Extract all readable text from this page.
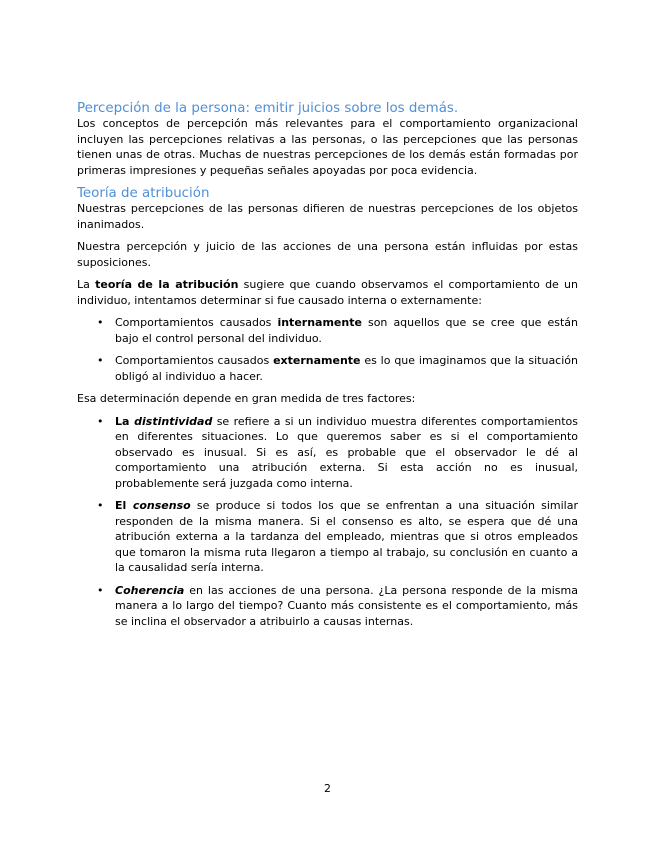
Percepción de la persona: emitir juicios sobre los demás.

Los conceptos de percepción más relevantes para el comportamiento organizacional incluyen las percepciones relativas a las personas, o las percepciones que las personas tienen unas de otras. Muchas de nuestras percepciones de los demás están formadas por primeras impresiones y pequeñas señales apoyadas por poca evidencia.

Teoría de atribución

Nuestras percepciones de las personas difieren de nuestras percepciones de los objetos inanimados.

Nuestra percepción y juicio de las acciones de una persona están influidas por estas suposiciones.

La teoría de la atribución sugiere que cuando observamos el comportamiento de un individuo, intentamos determinar si fue causado interna o externamente:

• Comportamientos causados internamente son aquellos que se cree que están bajo el control personal del individuo.
• Comportamientos causados externamente es lo que imaginamos que la situación obligó al individuo a hacer.

Esa determinación depende en gran medida de tres factores:

• La distintividad se refiere a si un individuo muestra diferentes comportamientos en diferentes situaciones. Lo que queremos saber es si el comportamiento observado es inusual. Si es así, es probable que el observador le dé al comportamiento una atribución externa. Si esta acción no es inusual, probablemente será juzgada como interna.
• El consenso se produce si todos los que se enfrentan a una situación similar responden de la misma manera. Si el consenso es alto, se espera que dé una atribución externa a la tardanza del empleado, mientras que si otros empleados que tomaron la misma ruta llegaron a tiempo al trabajo, su conclusión en cuanto a la causalidad sería interna.
• Coherencia en las acciones de una persona. ¿La persona responde de la misma manera a lo largo del tiempo? Cuanto más consistente es el comportamiento, más se inclina el observador a atribuirlo a causas internas.
2
